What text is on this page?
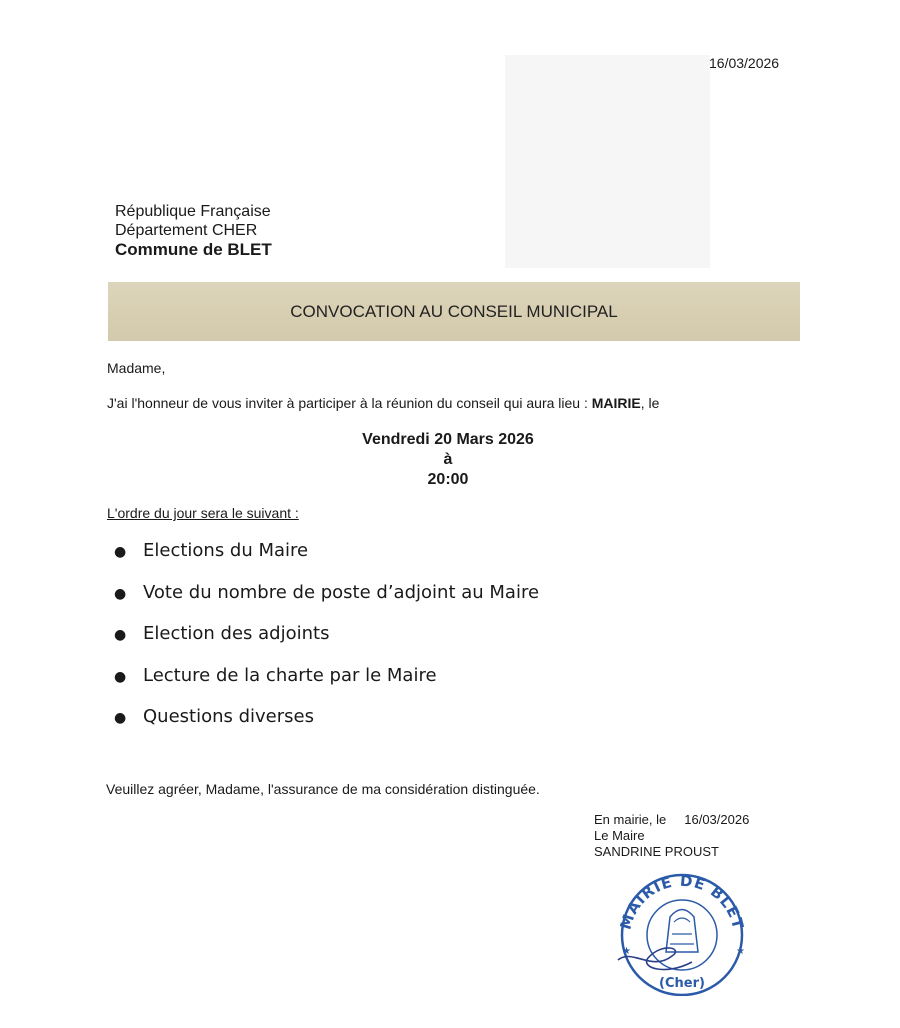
16/03/2026
République Française
Département CHER
Commune de BLET
CONVOCATION AU CONSEIL MUNICIPAL
Madame,
J'ai l'honneur de vous inviter à participer à la réunion du conseil qui aura lieu : MAIRIE, le
Vendredi 20 Mars 2026
à
20:00
L'ordre du jour sera le suivant :
● Elections du Maire
● Vote du nombre de poste d’adjoint au Maire
● Election des adjoints
● Lecture de la charte par le Maire
● Questions diverses
Veuillez agréer, Madame, l'assurance de ma considération distinguée.
En mairie, le 16/03/2026
Le Maire
SANDRINE PROUST
MAIRIE DE BLET
(Cher)
★
★
